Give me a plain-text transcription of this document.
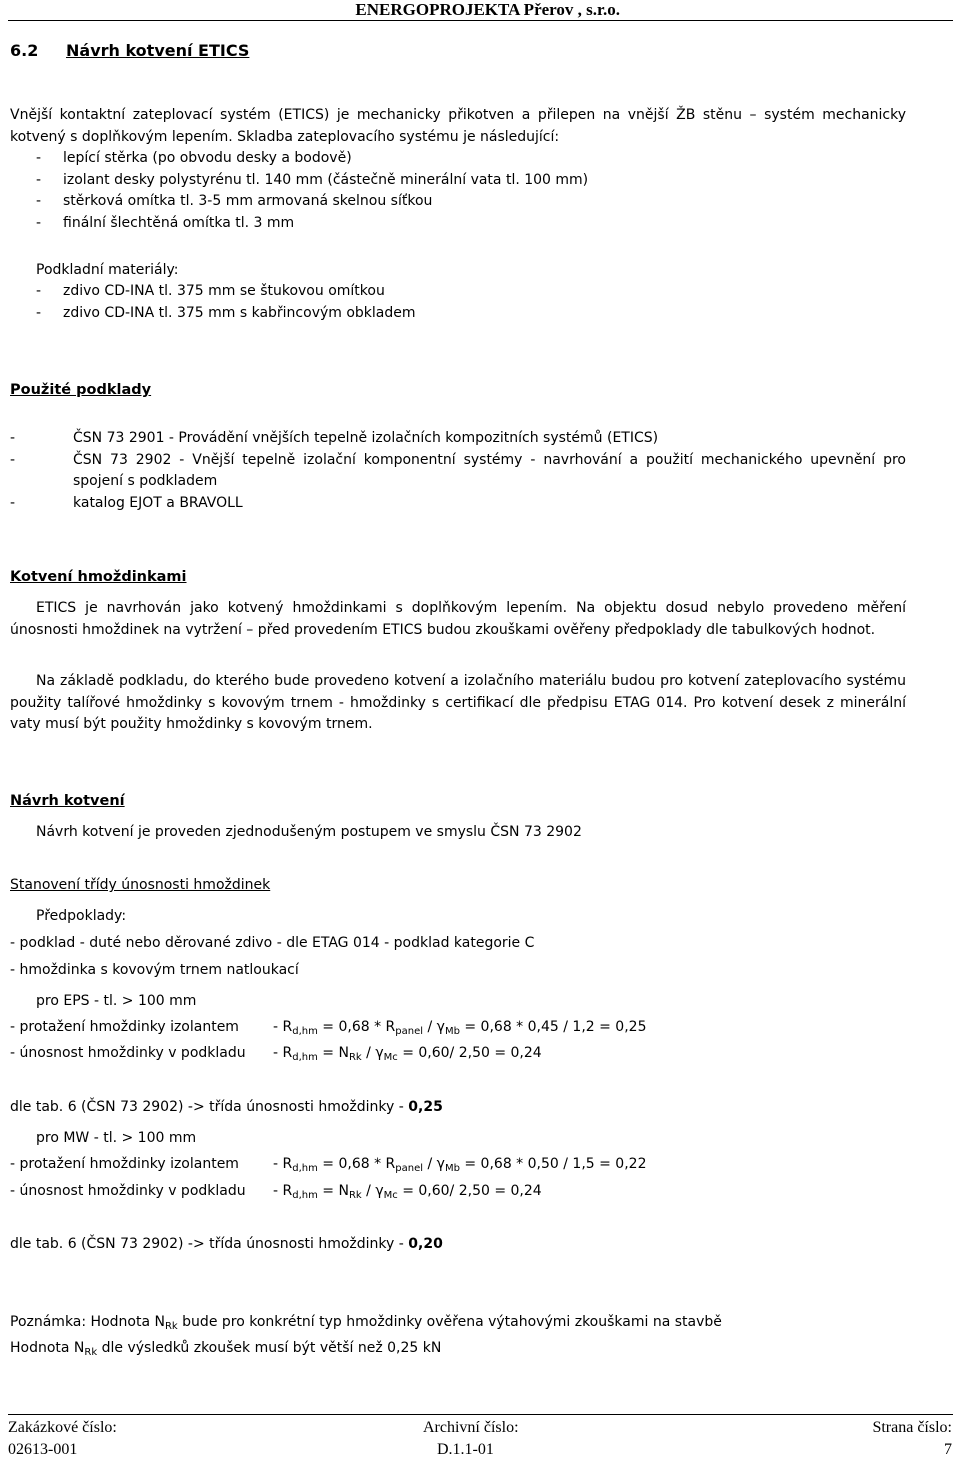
ENERGOPROJEKTA Přerov , s.r.o.
6.2 Návrh kotvení ETICS
Vnější kontaktní zateplovací systém (ETICS) je mechanicky přikotven a přilepen na vnější ŽB stěnu – systém mechanicky kotvený s doplňkovým lepením. Skladba zateplovacího systému je následující:
- lepící stěrka (po obvodu desky a bodově)
- izolant desky polystyrénu tl. 140 mm (částečně minerální vata tl. 100 mm)
- stěrková omítka tl. 3-5 mm armovaná skelnou síťkou
- finální šlechtěná omítka tl. 3 mm
Podkladní materiály:
- zdivo CD-INA tl. 375 mm se štukovou omítkou
- zdivo CD-INA tl. 375 mm s kabřincovým obkladem
Použité podklady
-	ČSN 73 2901 - Provádění vnějších tepelně izolačních kompozitních systémů (ETICS)
-	ČSN 73 2902 - Vnější tepelně izolační komponentní systémy - navrhování a použití mechanického upevnění pro spojení s podkladem
-	katalog EJOT a BRAVOLL
Kotvení hmoždinkami
ETICS je navrhován jako kotvený hmoždinkami s doplňkovým lepením. Na objektu dosud nebylo provedeno měření únosnosti hmoždinek na vytržení – před provedením ETICS budou zkouškami ověřeny předpoklady dle tabulkových hodnot.
Na základě podkladu, do kterého bude provedeno kotvení a izolačního materiálu budou pro kotvení zateplovacího systému použity talířové hmoždinky s kovovým trnem - hmoždinky s certifikací dle předpisu ETAG 014. Pro kotvení desek z minerální vaty musí být použity hmoždinky s kovovým trnem.
Návrh kotvení
Návrh kotvení je proveden zjednodušeným postupem ve smyslu ČSN 73 2902
Stanovení třídy únosnosti hmoždinek
Předpoklady:
- podklad - duté nebo děrované zdivo - dle ETAG 014 - podklad kategorie C
- hmoždinka s kovovým trnem natloukací
pro EPS - tl. > 100 mm
- protažení hmoždinky izolantem - $R_{d,hm} = 0,68 * R_{panel} / \gamma_{Mb} = 0,68 * 0,45 / 1,2 = 0,25$
- únosnost hmoždinky v podkladu - $R_{d,hm} = N_{Rk} / \gamma_{Mc} = 0,60/$ 2,50 = 0,24
dle tab. 6 (ČSN 73 2902) -> třída únosnosti hmoždinky - 0,25
pro MW - tl. > 100 mm
- protažení hmoždinky izolantem - $R_{d,hm} = 0,68 * R_{panel} / \gamma_{Mb} = 0,68 * 0,50 / 1,5 = 0,22$
- únosnost hmoždinky v podkladu - $R_{d,hm} = N_{Rk} / \gamma_{Mc} = 0,60/$ 2,50 = 0,24
dle tab. 6 (ČSN 73 2902) -> třída únosnosti hmoždinky - 0,20
Poznámka: Hodnota $N_{Rk}$ bude pro konkrétní typ hmoždinky ověřena výtahovými zkouškami na stavbě
Hodnota $N_{Rk}$ dle výsledků zkoušek musí být větší než 0,25 kN
Zakázkové číslo:
02613-001
Archivní číslo:
D.1.1-01
Strana číslo:
7
